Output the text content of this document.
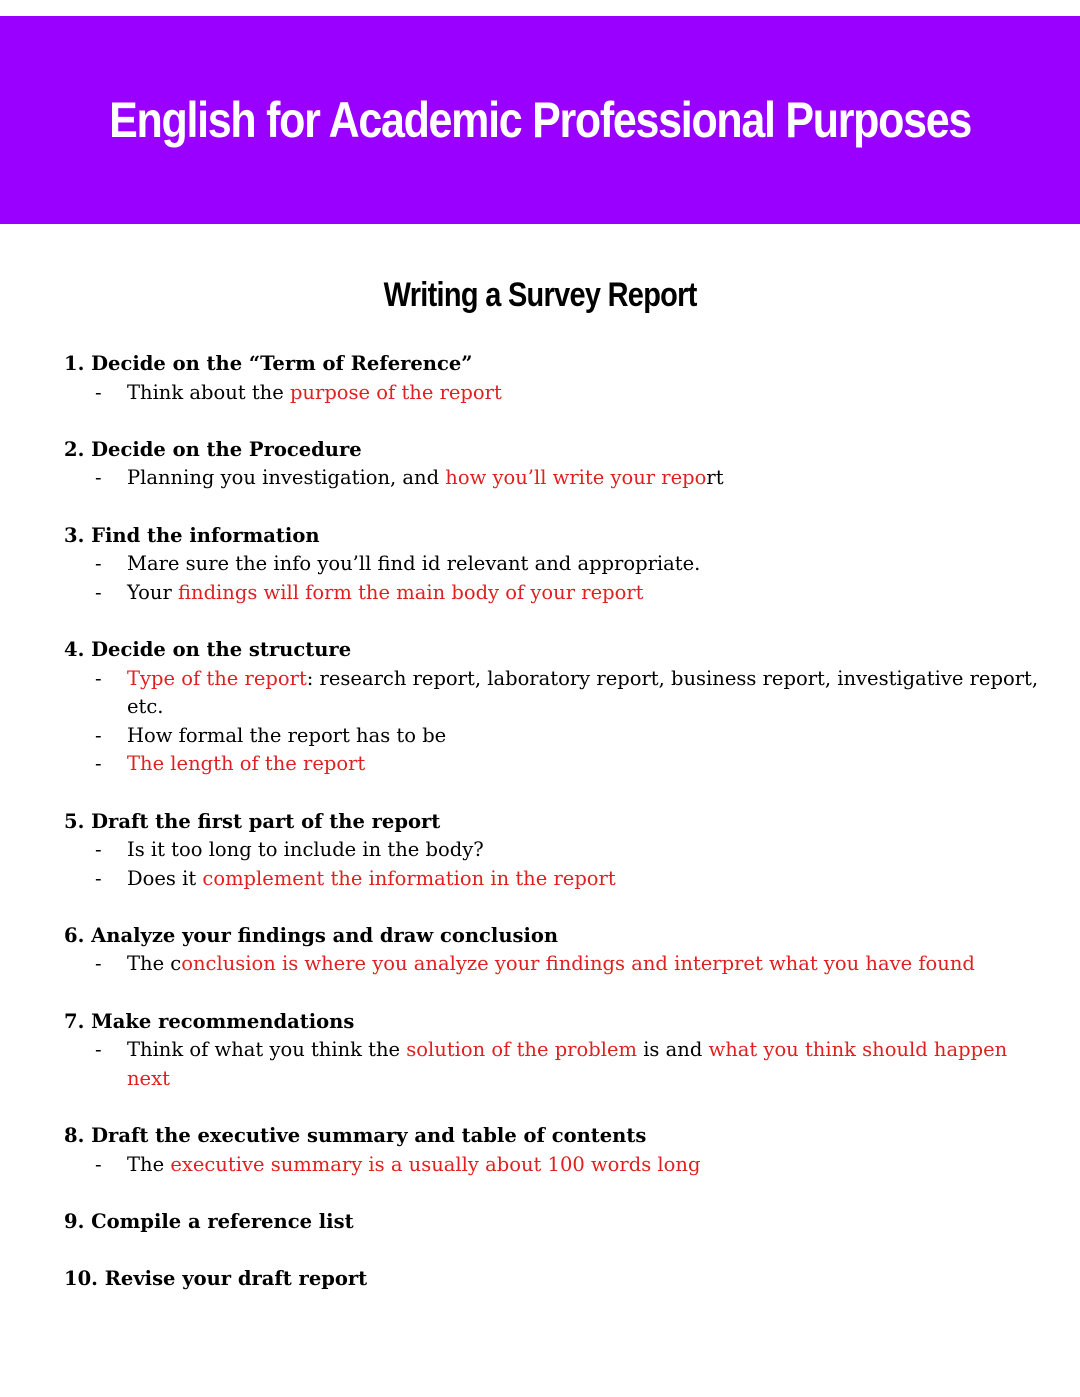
English for Academic Professional Purposes
Writing a Survey Report
1. Decide on the “Term of Reference”
- Think about the purpose of the report
2. Decide on the Procedure
- Planning you investigation, and how you’ll write your report
3. Find the information
- Mare sure the info you’ll find id relevant and appropriate.
- Your findings will form the main body of your report
4. Decide on the structure
- Type of the report: research report, laboratory report, business report, investigative report, etc.
- How formal the report has to be
- The length of the report
5. Draft the first part of the report
- Is it too long to include in the body?
- Does it complement the information in the report
6. Analyze your findings and draw conclusion
- The conclusion is where you analyze your findings and interpret what you have found
7. Make recommendations
- Think of what you think the solution of the problem is and what you think should happen next
8. Draft the executive summary and table of contents
- The executive summary is a usually about 100 words long
9. Compile a reference list
10. Revise your draft report
